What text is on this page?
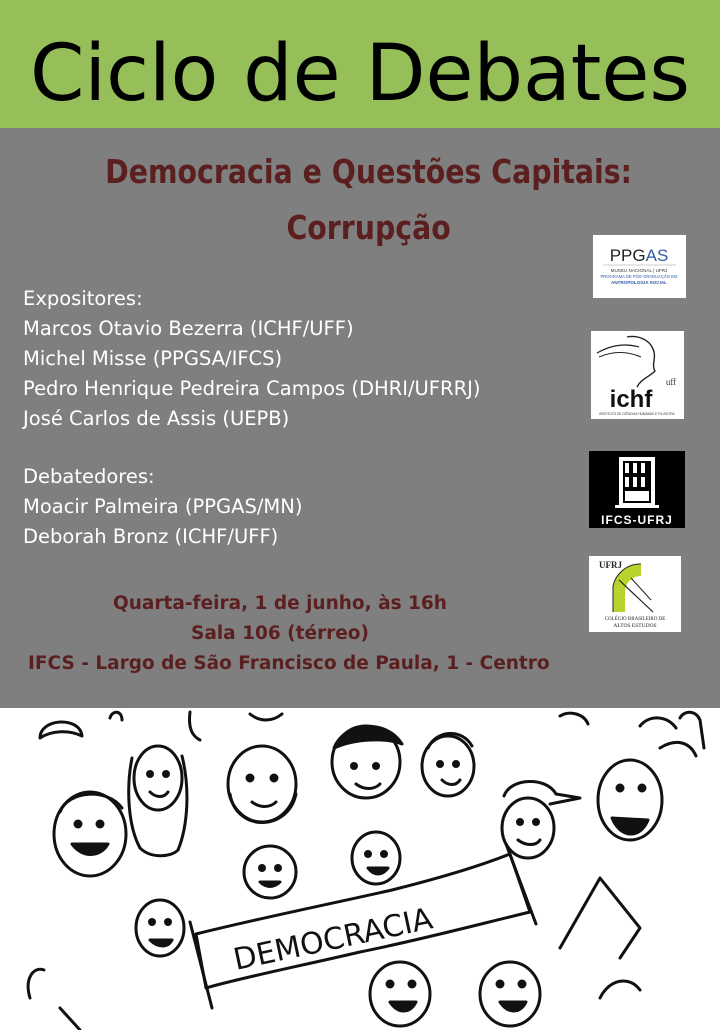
Ciclo de Debates
Democracia e Questões Capitais:
Corrupção
Expositores:
Marcos Otavio Bezerra (ICHF/UFF)
Michel Misse (PPGSA/IFCS)
Pedro Henrique Pedreira Campos (DHRI/UFRRJ)
José Carlos de Assis (UEPB)
Debatedores:
Moacir Palmeira (PPGAS/MN)
Deborah Bronz (ICHF/UFF)
Quarta-feira, 1 de junho, às 16h
Sala 106 (térreo)
IFCS - Largo de São Francisco de Paula, 1 - Centro
PPGAS
MUSEU NACIONAL | UFRJ
PROGRAMA DE PÓS-GRADUAÇÃO EM
ANTROPOLOGIA SOCIAL
uff
ichf
INSTITUTO DE CIÊNCIAS HUMANAS E FILOSOFIA
IFCS-UFRJ
UFRJ
COLÉGIO BRASILEIRO DE
ALTOS ESTUDOS
DEMOCRACIA
